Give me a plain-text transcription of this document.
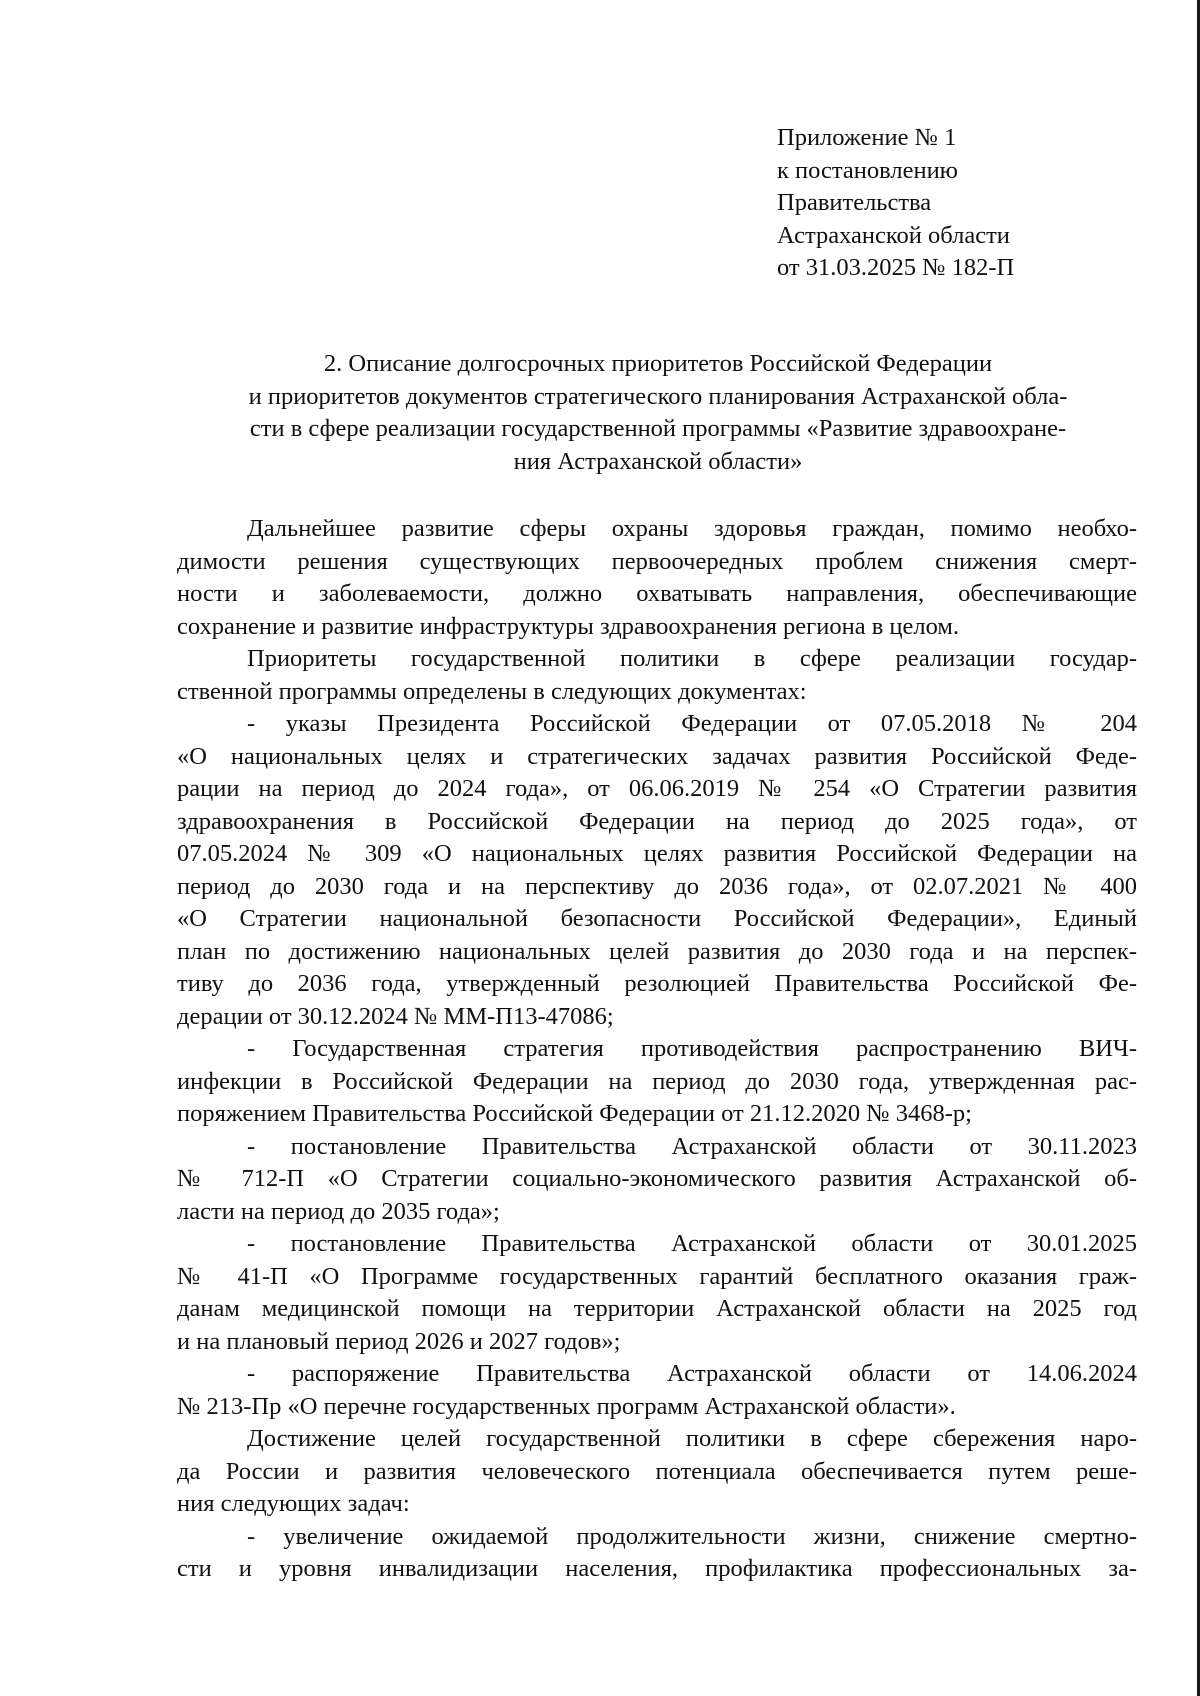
Приложение № 1
к постановлению
Правительства
Астраханской области
от 31.03.2025 № 182-П
2. Описание долгосрочных приоритетов Российской Федерации
и приоритетов документов стратегического планирования Астраханской обла-
сти в сфере реализации государственной программы «Развитие здравоохране-
ния Астраханской области»
Дальнейшее развитие сферы охраны здоровья граждан, помимо необхо-
димости решения существующих первоочередных проблем снижения смерт-
ности и заболеваемости, должно охватывать направления, обеспечивающие
сохранение и развитие инфраструктуры здравоохранения региона в целом.
Приоритеты государственной политики в сфере реализации государ-
ственной программы определены в следующих документах:
- указы Президента Российской Федерации от 07.05.2018 № 204
«О национальных целях и стратегических задачах развития Российской Феде-
рации на период до 2024 года», от 06.06.2019 № 254 «О Стратегии развития
здравоохранения в Российской Федерации на период до 2025 года», от
07.05.2024 № 309 «О национальных целях развития Российской Федерации на
период до 2030 года и на перспективу до 2036 года», от 02.07.2021 № 400
«О Стратегии национальной безопасности Российской Федерации», Единый
план по достижению национальных целей развития до 2030 года и на перспек-
тиву до 2036 года, утвержденный резолюцией Правительства Российской Фе-
дерации от 30.12.2024 № ММ-П13-47086;
- Государственная стратегия противодействия распространению ВИЧ-
инфекции в Российской Федерации на период до 2030 года, утвержденная рас-
поряжением Правительства Российской Федерации от 21.12.2020 № 3468-р;
- постановление Правительства Астраханской области от 30.11.2023
№ 712-П «О Стратегии социально-экономического развития Астраханской об-
ласти на период до 2035 года»;
- постановление Правительства Астраханской области от 30.01.2025
№ 41-П «О Программе государственных гарантий бесплатного оказания граж-
данам медицинской помощи на территории Астраханской области на 2025 год
и на плановый период 2026 и 2027 годов»;
- распоряжение Правительства Астраханской области от 14.06.2024
№ 213-Пр «О перечне государственных программ Астраханской области».
Достижение целей государственной политики в сфере сбережения наро-
да России и развития человеческого потенциала обеспечивается путем реше-
ния следующих задач:
- увеличение ожидаемой продолжительности жизни, снижение смертно-
сти и уровня инвалидизации населения, профилактика профессиональных за-
